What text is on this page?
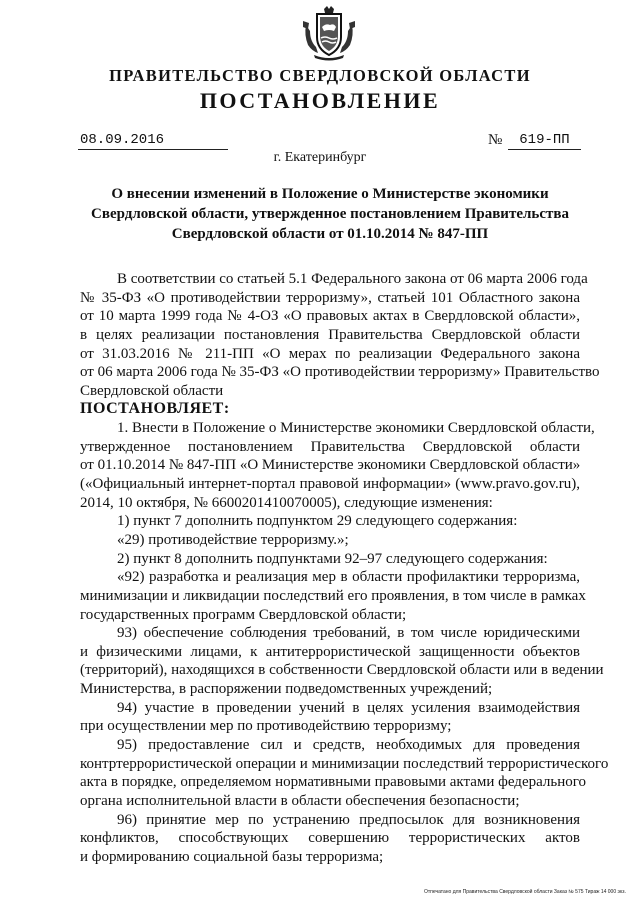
ПРАВИТЕЛЬСТВО СВЕРДЛОВСКОЙ ОБЛАСТИ
ПОСТАНОВЛЕНИЕ
08.09.2016	№	619-ПП
г. Екатеринбург
О внесении изменений в Положение о Министерстве экономики
Свердловской области, утвержденное постановлением Правительства
Свердловской области от 01.10.2014 № 847-ПП
В соответствии со статьей 5.1 Федерального закона от 06 марта 2006 года
№ 35-ФЗ «О противодействии терроризму», статьей 101 Областного закона
от 10 марта 1999 года № 4-ОЗ «О правовых актах в Свердловской области»,
в целях реализации постановления Правительства Свердловской области
от 31.03.2016 № 211-ПП «О мерах по реализации Федерального закона
от 06 марта 2006 года № 35-ФЗ «О противодействии терроризму» Правительство
Свердловской области
ПОСТАНОВЛЯЕТ:
1. Внести в Положение о Министерстве экономики Свердловской области,
утвержденное постановлением Правительства Свердловской области
от 01.10.2014 № 847-ПП «О Министерстве экономики Свердловской области»
(«Официальный интернет-портал правовой информации» (www.pravo.gov.ru),
2014, 10 октября, № 6600201410070005), следующие изменения:
1) пункт 7 дополнить подпунктом 29 следующего содержания:
«29) противодействие терроризму.»;
2) пункт 8 дополнить подпунктами 92–97 следующего содержания:
«92) разработка и реализация мер в области профилактики терроризма,
минимизации и ликвидации последствий его проявления, в том числе в рамках
государственных программ Свердловской области;
93) обеспечение соблюдения требований, в том числе юридическими
и физическими лицами, к антитеррористической защищенности объектов
(территорий), находящихся в собственности Свердловской области или в ведении
Министерства, в распоряжении подведомственных учреждений;
94) участие в проведении учений в целях усиления взаимодействия
при осуществлении мер по противодействию терроризму;
95) предоставление сил и средств, необходимых для проведения
контртеррористической операции и минимизации последствий террористического
акта в порядке, определяемом нормативными правовыми актами федерального
органа исполнительной власти в области обеспечения безопасности;
96) принятие мер по устранению предпосылок для возникновения
конфликтов, способствующих совершению террористических актов
и формированию социальной базы терроризма;
Отпечатано для Правительства Свердловской области Заказ № 575 Тираж 14 000 экз.
